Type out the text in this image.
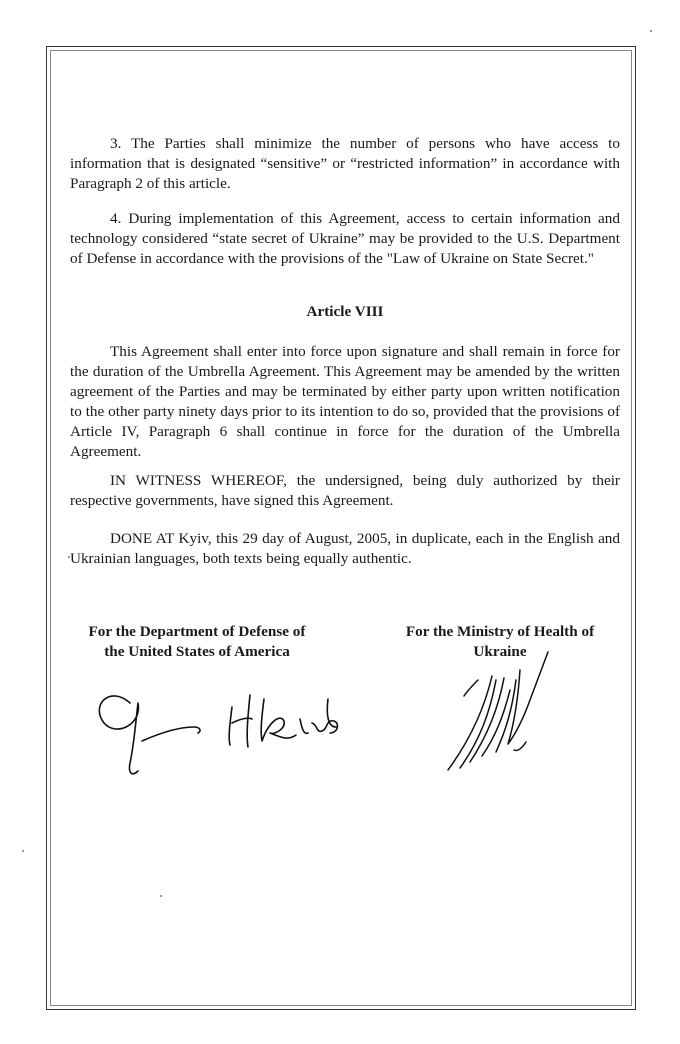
3. The Parties shall minimize the number of persons who have access to information that is designated “sensitive” or “restricted information” in accordance with Paragraph 2 of this article.

4. During implementation of this Agreement, access to certain information and technology considered “state secret of Ukraine” may be provided to the U.S. Department of Defense in accordance with the provisions of the "Law of Ukraine on State Secret."

Article VIII

This Agreement shall enter into force upon signature and shall remain in force for the duration of the Umbrella Agreement. This Agreement may be amended by the written agreement of the Parties and may be terminated by either party upon written notification to the other party ninety days prior to its intention to do so, provided that the provisions of Article IV, Paragraph 6 shall continue in force for the duration of the Umbrella Agreement.

IN WITNESS WHEREOF, the undersigned, being duly authorized by their respective governments, have signed this Agreement.

DONE AT Kyiv, this 29 day of August, 2005, in duplicate, each in the English and Ukrainian languages, both texts being equally authentic.

For the Department of Defense of
the United States of America
For the Ministry of Health of
Ukraine
